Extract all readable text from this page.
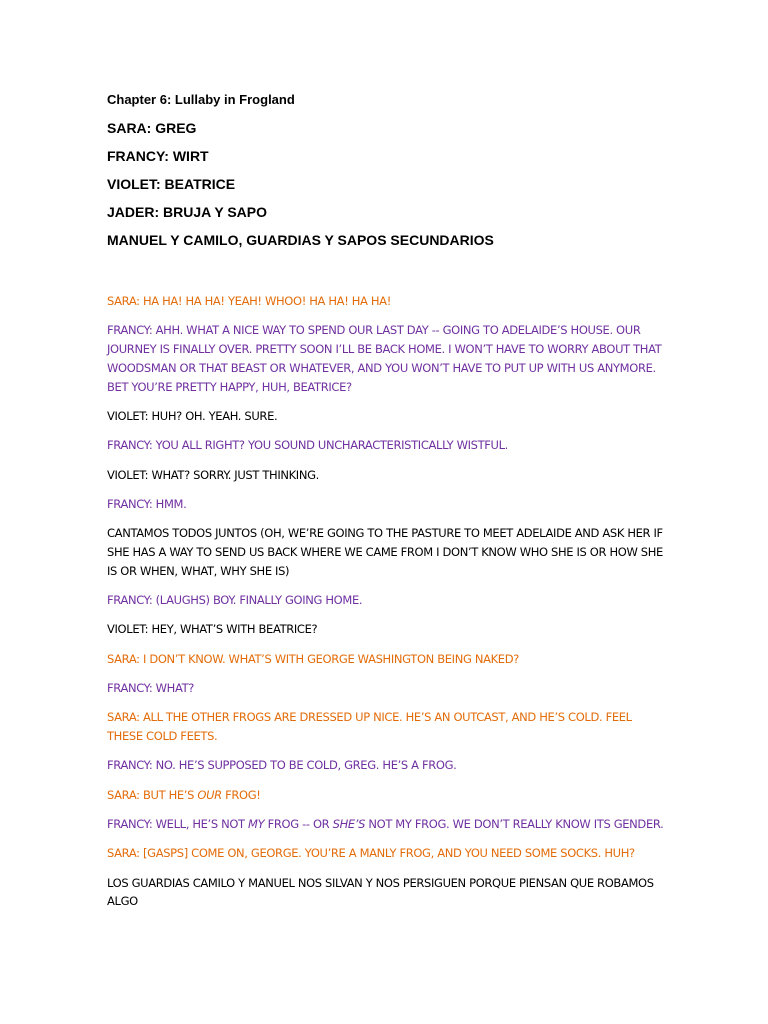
Chapter 6: Lullaby in Frogland

SARA: GREG

FRANCY: WIRT

VIOLET: BEATRICE

JADER: BRUJA Y SAPO

MANUEL Y CAMILO, GUARDIAS Y SAPOS SECUNDARIOS

SARA: HA HA! HA HA! YEAH! WHOO! HA HA! HA HA!

FRANCY: AHH. WHAT A NICE WAY TO SPEND OUR LAST DAY -- GOING TO ADELAIDE’S HOUSE. OUR JOURNEY IS FINALLY OVER. PRETTY SOON I’LL BE BACK HOME. I WON’T HAVE TO WORRY ABOUT THAT WOODSMAN OR THAT BEAST OR WHATEVER, AND YOU WON’T HAVE TO PUT UP WITH US ANYMORE. BET YOU’RE PRETTY HAPPY, HUH, BEATRICE?

VIOLET: HUH? OH. YEAH. SURE.

FRANCY: YOU ALL RIGHT? YOU SOUND UNCHARACTERISTICALLY WISTFUL.

VIOLET: WHAT? SORRY. JUST THINKING.

FRANCY: HMM.

CANTAMOS TODOS JUNTOS (OH, WE’RE GOING TO THE PASTURE TO MEET ADELAIDE AND ASK HER IF SHE HAS A WAY TO SEND US BACK WHERE WE CAME FROM I DON’T KNOW WHO SHE IS OR HOW SHE IS OR WHEN, WHAT, WHY SHE IS)

FRANCY: (LAUGHS) BOY. FINALLY GOING HOME.

VIOLET: HEY, WHAT’S WITH BEATRICE?

SARA: I DON’T KNOW. WHAT’S WITH GEORGE WASHINGTON BEING NAKED?

FRANCY: WHAT?

SARA: ALL THE OTHER FROGS ARE DRESSED UP NICE. HE’S AN OUTCAST, AND HE’S COLD. FEEL THESE COLD FEETS.

FRANCY: NO. HE’S SUPPOSED TO BE COLD, GREG. HE’S A FROG.

SARA: BUT HE’S OUR FROG!

FRANCY: WELL, HE’S NOT MY FROG -- OR SHE’S NOT MY FROG. WE DON’T REALLY KNOW ITS GENDER.

SARA: [GASPS] COME ON, GEORGE. YOU’RE A MANLY FROG, AND YOU NEED SOME SOCKS. HUH?

LOS GUARDIAS CAMILO Y MANUEL NOS SILVAN Y NOS PERSIGUEN PORQUE PIENSAN QUE ROBAMOS ALGO
